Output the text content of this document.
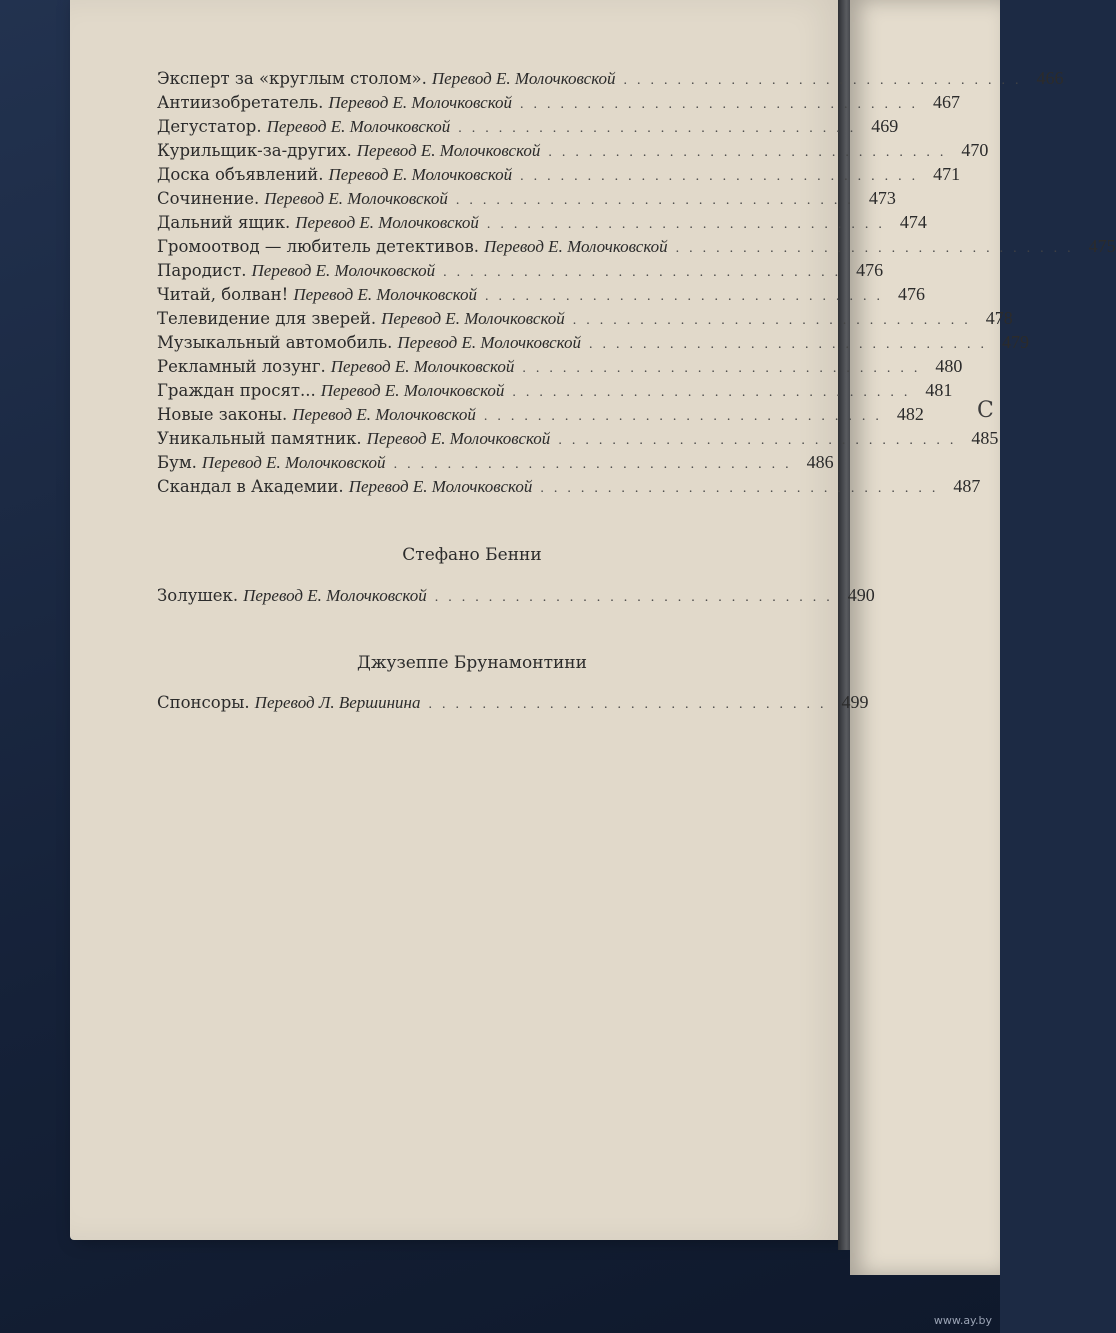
С
Эксперт за «круглым столом». Перевод Е. Молочковской .............................. 466
Антиизобретатель. Перевод Е. Молочковской .............................. 467
Дегустатор. Перевод Е. Молочковской .............................. 469
Курильщик-за-других. Перевод Е. Молочковской .............................. 470
Доска объявлений. Перевод Е. Молочковской .............................. 471
Сочинение. Перевод Е. Молочковской .............................. 473
Дальний ящик. Перевод Е. Молочковской .............................. 474
Громоотвод — любитель детективов. Перевод Е. Молочковской .............................. 475
Пародист. Перевод Е. Молочковской .............................. 476
Читай, болван! Перевод Е. Молочковской .............................. 476
Телевидение для зверей. Перевод Е. Молочковской .............................. 478
Музыкальный автомобиль. Перевод Е. Молочковской .............................. 479
Рекламный лозунг. Перевод Е. Молочковской .............................. 480
Граждан просят... Перевод Е. Молочковской .............................. 481
Новые законы. Перевод Е. Молочковской .............................. 482
Уникальный памятник. Перевод Е. Молочковской .............................. 485
Бум. Перевод Е. Молочковской .............................. 486
Скандал в Академии. Перевод Е. Молочковской .............................. 487
Стефано Бенни
Золушек. Перевод Е. Молочковской .............................. 490
Джузеппе Брунамонтини
Спонсоры. Перевод Л. Вершинина .............................. 499
www.ay.by
